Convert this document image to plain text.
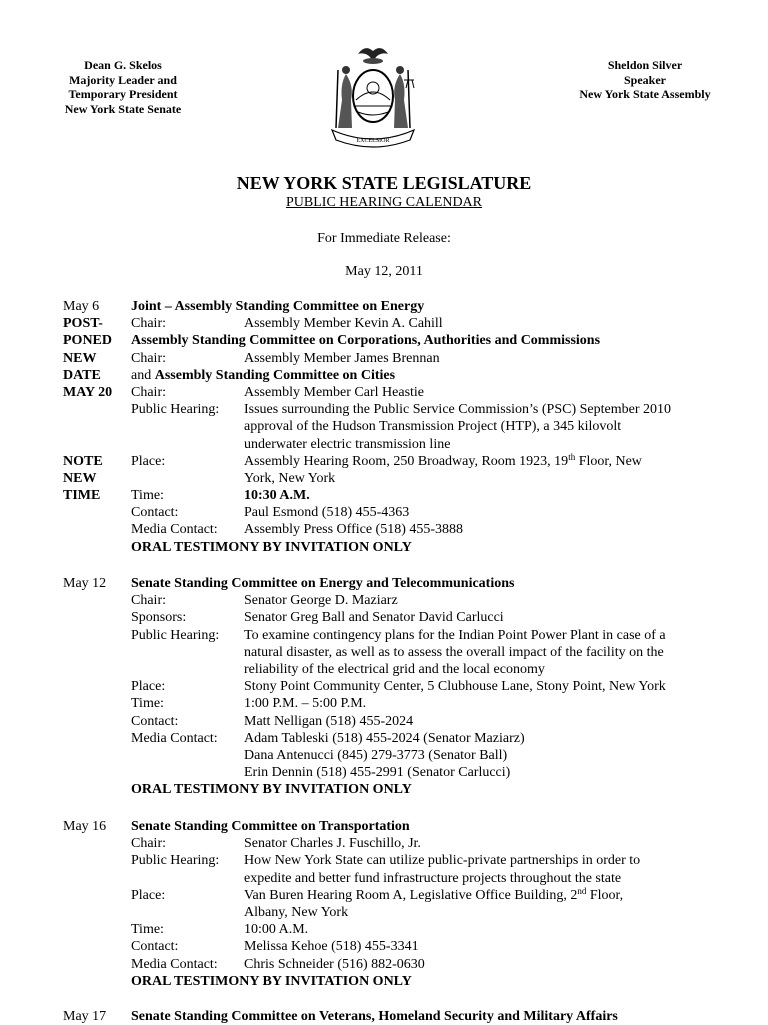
Dean G. Skelos
Majority Leader and
Temporary President
New York State Senate
EXCELSIOR
Sheldon Silver
Speaker
New York State Assembly
NEW YORK STATE LEGISLATURE
PUBLIC HEARING CALENDAR
For Immediate Release:
May 12, 2011
May 6	Joint – Assembly Standing Committee on Energy
POST-	Chair:	Assembly Member Kevin A. Cahill
PONED	Assembly Standing Committee on Corporations, Authorities and Commissions
NEW	Chair:	Assembly Member James Brennan
DATE	and Assembly Standing Committee on Cities
MAY 20	Chair:	Assembly Member Carl Heastie
Public Hearing: Issues surrounding the Public Service Commission’s (PSC) September 2010
approval of the Hudson Transmission Project (HTP), a 345 kilovolt
underwater electric transmission line
NOTE	Place:	Assembly Hearing Room, 250 Broadway, Room 1923, 19th Floor, New
NEW	York, New York
TIME	Time:	10:30 A.M.
Contact:	Paul Esmond (518) 455-4363
Media Contact: Assembly Press Office (518) 455-3888
ORAL TESTIMONY BY INVITATION ONLY
May 12	Senate Standing Committee on Energy and Telecommunications
Chair:	Senator George D. Maziarz
Sponsors:	Senator Greg Ball and Senator David Carlucci
Public Hearing: To examine contingency plans for the Indian Point Power Plant in case of a
natural disaster, as well as to assess the overall impact of the facility on the
reliability of the electrical grid and the local economy
Place:	Stony Point Community Center, 5 Clubhouse Lane, Stony Point, New York
Time:	1:00 P.M. – 5:00 P.M.
Contact:	Matt Nelligan (518) 455-2024
Media Contact: Adam Tableski (518) 455-2024 (Senator Maziarz)
Dana Antenucci (845) 279-3773 (Senator Ball)
Erin Dennin (518) 455-2991 (Senator Carlucci)
ORAL TESTIMONY BY INVITATION ONLY
May 16	Senate Standing Committee on Transportation
Chair:	Senator Charles J. Fuschillo, Jr.
Public Hearing: How New York State can utilize public-private partnerships in order to
expedite and better fund infrastructure projects throughout the state
Place:	Van Buren Hearing Room A, Legislative Office Building, 2nd Floor,
Albany, New York
Time:	10:00 A.M.
Contact:	Melissa Kehoe (518) 455-3341
Media Contact: Chris Schneider (516) 882-0630
ORAL TESTIMONY BY INVITATION ONLY
May 17	Senate Standing Committee on Veterans, Homeland Security and Military Affairs
